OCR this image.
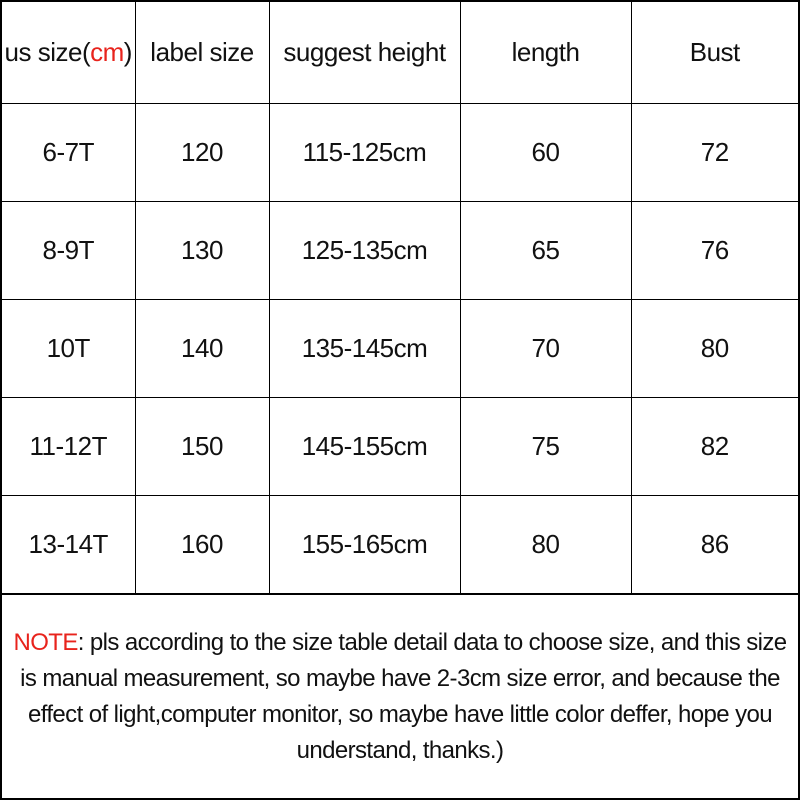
us size(cm)	label size	suggest height	length	Bust
6-7T	120	115-125cm	60	72
8-9T	130	125-135cm	65	76
10T	140	135-145cm	70	80
11-12T	150	145-155cm	75	82
13-14T	160	155-165cm	80	86

NOTE: pls according to the size table detail data to choose size, and this size is manual measurement, so maybe have 2-3cm size error, and because the effect of light,computer monitor, so maybe have little color deffer, hope you understand, thanks.)
